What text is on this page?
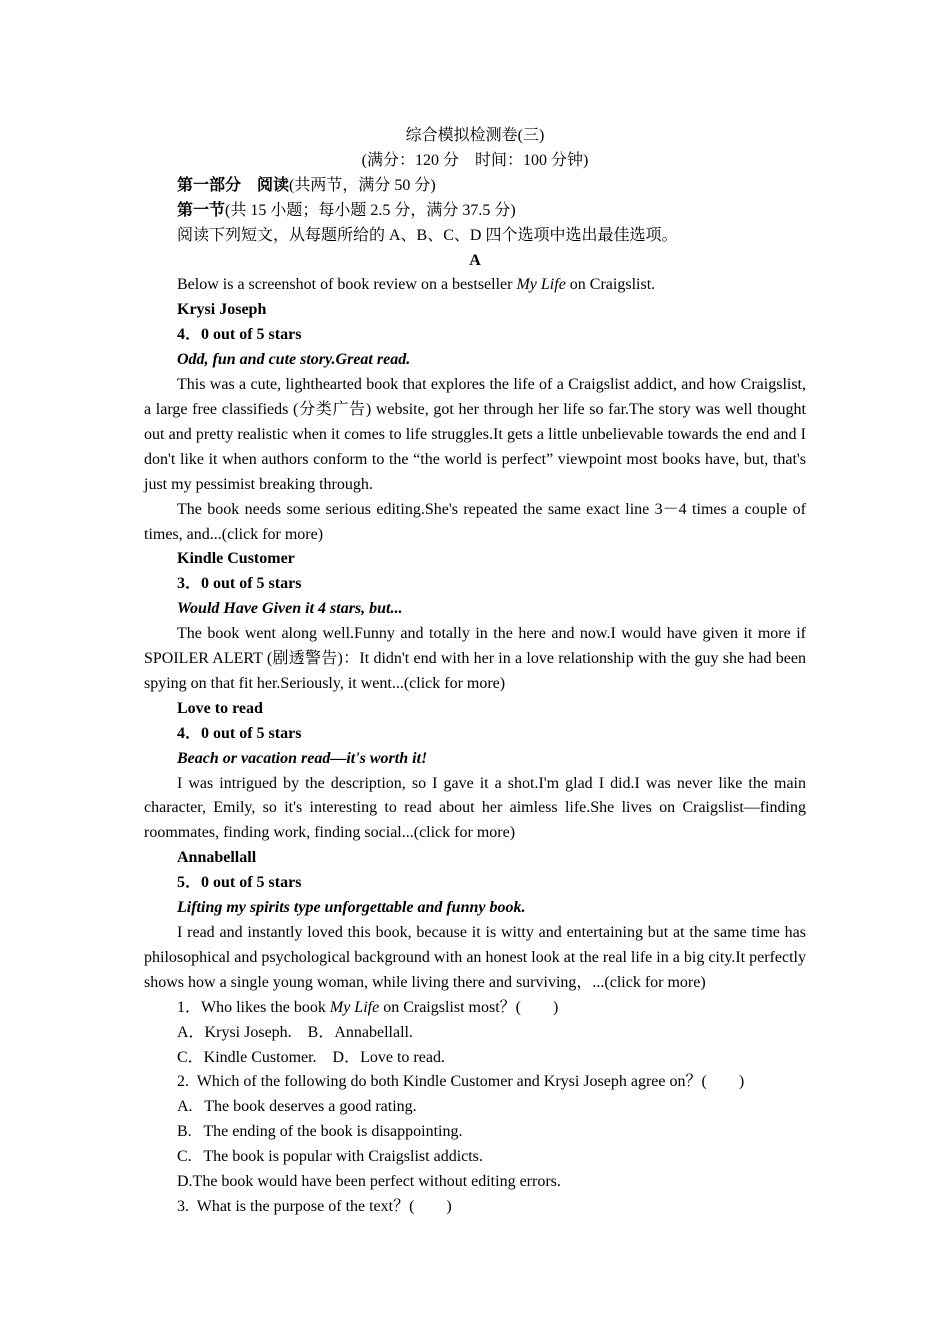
综合模拟检测卷(三)

(满分：120 分　时间：100 分钟)

第一部分　阅读(共两节，满分 50 分)

第一节(共 15 小题；每小题 2.5 分，满分 37.5 分)

阅读下列短文，从每题所给的 A、B、C、D 四个选项中选出最佳选项。

A

Below is a screenshot of book review on a bestseller My Life on Craigslist.

Krysi Joseph

4．0 out of 5 stars

Odd, fun and cute story.Great read.

This was a cute, lighthearted book that explores the life of a Craigslist addict, and how Craigslist, a large free classifieds (分类广告) website, got her through her life so far.The story was well thought out and pretty realistic when it comes to life struggles.It gets a little unbelievable towards the end and I don't like it when authors conform to the “the world is perfect” viewpoint most books have, but, that's just my pessimist breaking through.

The book needs some serious editing.She's repeated the same exact line 3－4 times a couple of times, and...(click for more)

Kindle Customer

3．0 out of 5 stars

Would Have Given it 4 stars, but...

The book went along well.Funny and totally in the here and now.I would have given it more if SPOILER ALERT (剧透警告)：It didn't end with her in a love relationship with the guy she had been spying on that fit her.Seriously, it went...(click for more)

Love to read

4．0 out of 5 stars

Beach or vacation read—it's worth it!

I was intrigued by the description, so I gave it a shot.I'm glad I did.I was never like the main character, Emily, so it's interesting to read about her aimless life.She lives on Craigslist—finding roommates, finding work, finding social...(click for more)

Annabellall

5．0 out of 5 stars

Lifting my spirits type unforgettable and funny book.

I read and instantly loved this book, because it is witty and entertaining but at the same time has philosophical and psychological background with an honest look at the real life in a big city.It perfectly shows how a single young woman, while living there and surviving，...(click for more)

1．Who likes the book My Life on Craigslist most？(　　)

A．Krysi Joseph.　B．Annabellall.

C．Kindle Customer.　D．Love to read.

2.  Which of the following do both Kindle Customer and Krysi Joseph agree on？(　　)

A.   The book deserves a good rating.

B.   The ending of the book is disappointing.

C.   The book is popular with Craigslist addicts.

D.The book would have been perfect without editing errors.

3.  What is the purpose of the text？(　　)
